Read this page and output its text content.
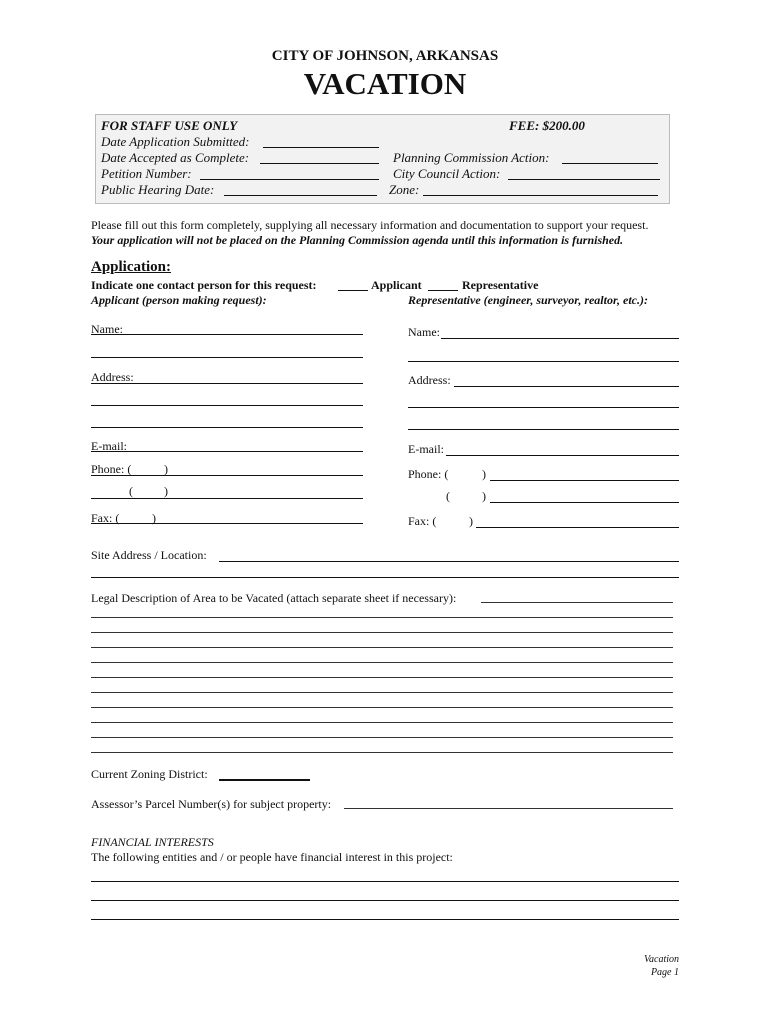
CITY OF JOHNSON, ARKANSAS
VACATION
FOR STAFF USE ONLY	FEE: $200.00
Date Application Submitted:
Date Accepted as Complete:
Petition Number:
Public Hearing Date:
Planning Commission Action:
City Council Action:
Zone:
Please fill out this form completely, supplying all necessary information and documentation to support your request.
Your application will not be placed on the Planning Commission agenda until this information is furnished.
Application:
Indicate one contact person for this request:	Applicant	Representative
Applicant (person making request):	Representative (engineer, surveyor, realtor, etc.):
Name:
Address:
E-mail:
Phone: (	)
(	)
Fax: (	)
Name:
Address:
E-mail:
Phone: (	)
(	)
Fax: (	)
Site Address / Location:
Legal Description of Area to be Vacated (attach separate sheet if necessary):
Current Zoning District:
Assessor’s Parcel Number(s) for subject property:
FINANCIAL INTERESTS
The following entities and / or people have financial interest in this project:
Vacation
Page 1
